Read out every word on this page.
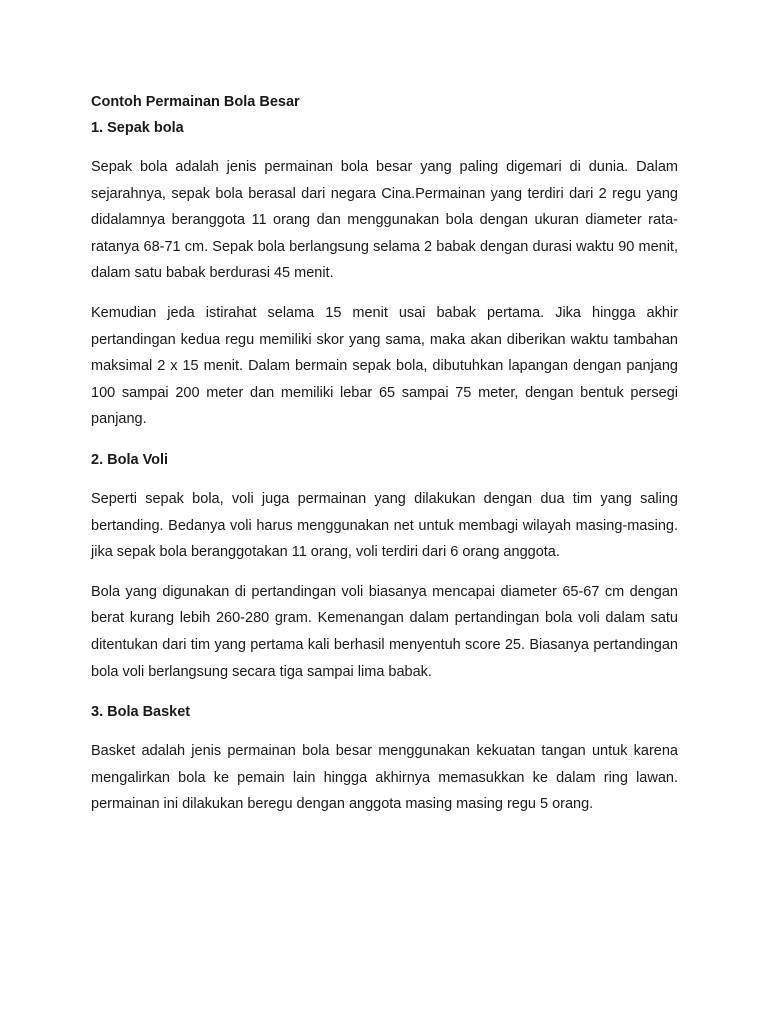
Contoh Permainan Bola Besar
1. Sepak bola

Sepak bola adalah jenis permainan bola besar yang paling digemari di dunia. Dalam sejarahnya, sepak bola berasal dari negara Cina.Permainan yang terdiri dari 2 regu yang didalamnya beranggota 11 orang dan menggunakan bola dengan ukuran diameter rata-ratanya 68-71 cm. Sepak bola berlangsung selama 2 babak dengan durasi waktu 90 menit, dalam satu babak berdurasi 45 menit.

Kemudian jeda istirahat selama 15 menit usai babak pertama. Jika hingga akhir pertandingan kedua regu memiliki skor yang sama, maka akan diberikan waktu tambahan maksimal 2 x 15 menit. Dalam bermain sepak bola, dibutuhkan lapangan dengan panjang 100 sampai 200 meter dan memiliki lebar 65 sampai 75 meter, dengan bentuk persegi panjang.

2. Bola Voli

Seperti sepak bola, voli juga permainan yang dilakukan dengan dua tim yang saling bertanding. Bedanya voli harus menggunakan net untuk membagi wilayah masing-masing. jika sepak bola beranggotakan 11 orang, voli terdiri dari 6 orang anggota.

Bola yang digunakan di pertandingan voli biasanya mencapai diameter 65-67 cm dengan berat kurang lebih 260-280 gram. Kemenangan dalam pertandingan bola voli dalam satu ditentukan dari tim yang pertama kali berhasil menyentuh score 25. Biasanya pertandingan bola voli berlangsung secara tiga sampai lima babak.

3. Bola Basket

Basket adalah jenis permainan bola besar menggunakan kekuatan tangan untuk karena mengalirkan bola ke pemain lain hingga akhirnya memasukkan ke dalam ring lawan. permainan ini dilakukan beregu dengan anggota masing masing regu 5 orang.
